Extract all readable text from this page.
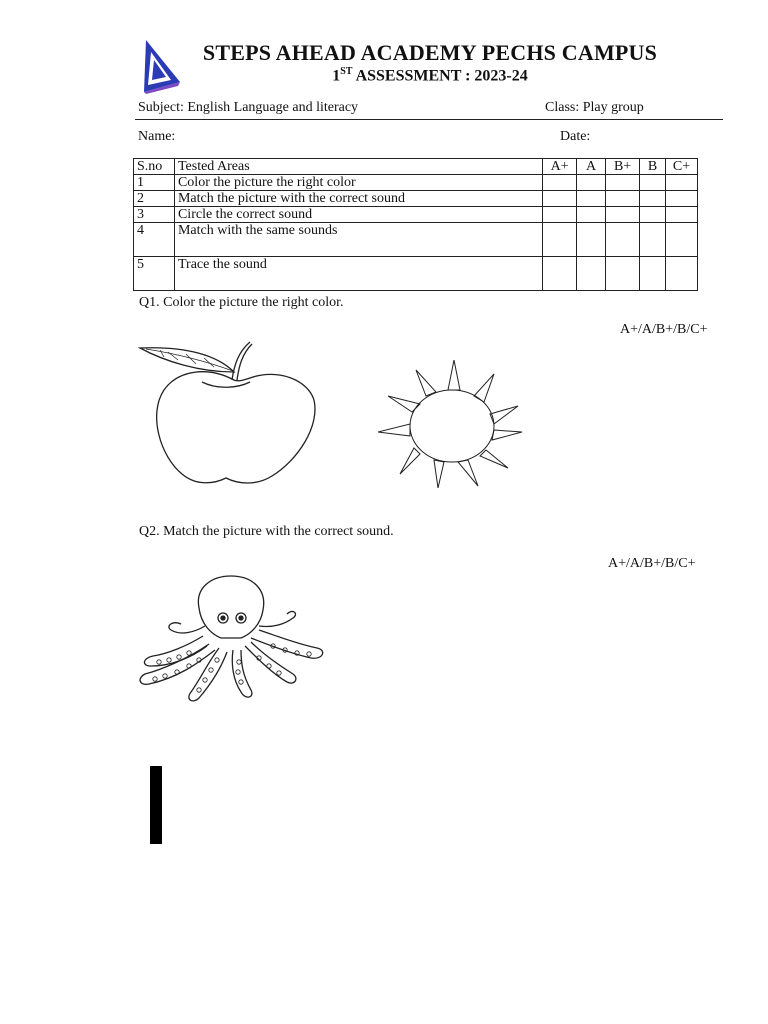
STEPS AHEAD ACADEMY PECHS CAMPUS
1ST ASSESSMENT : 2023-24
Subject: English Language and literacy	Class: Play group
Name:	Date:
S.no	Tested Areas	A+	A	B+	B	C+
1	Color the picture the right color					
2	Match the picture with the correct sound					
3	Circle the correct sound					
4	Match with the same sounds					
5	Trace the sound					
Q1. Color the picture the right color.
A+/A/B+/B/C+
Q2. Match the picture with the correct sound.
A+/A/B+/B/C+
